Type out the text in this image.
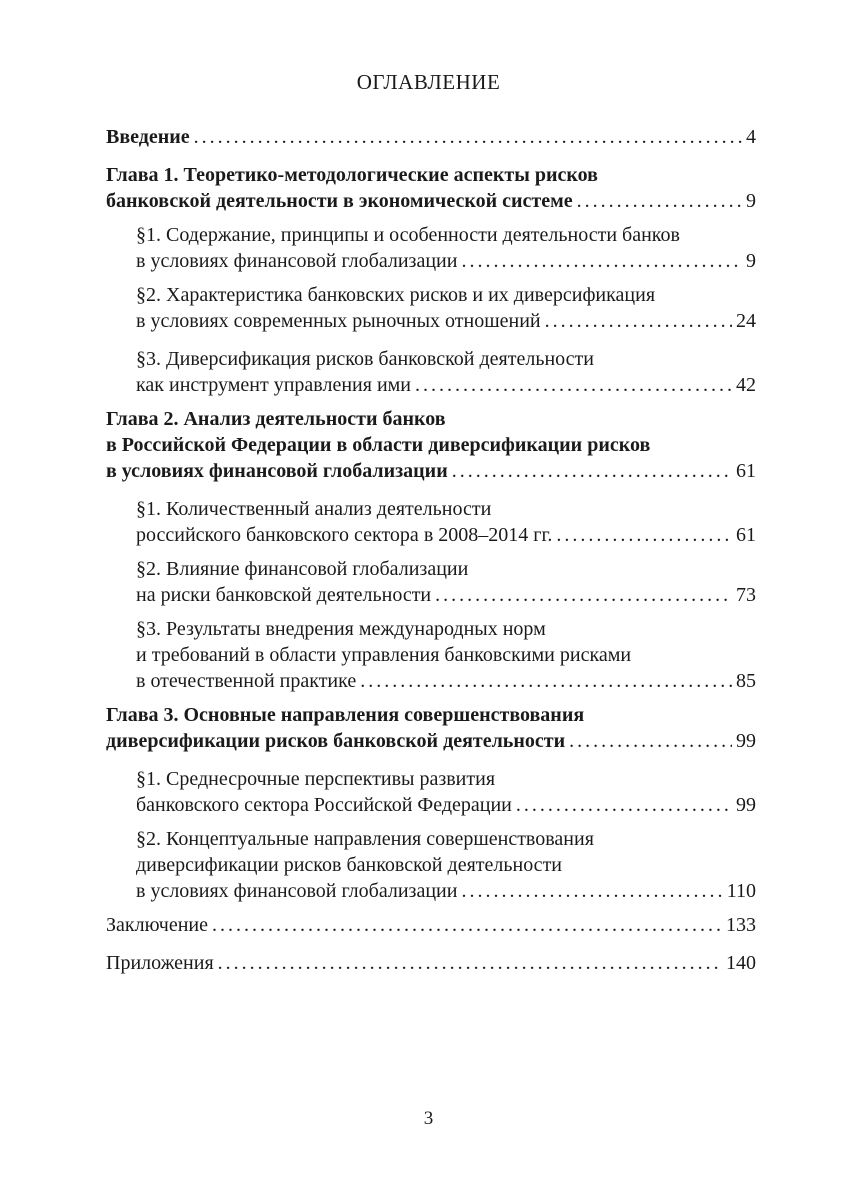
ОГЛАВЛЕНИЕ
Введение . . .	4
Глава 1. Теоретико-методологические аспекты рисков
банковской деятельности в экономической системе . . .	9
§1. Содержание, принципы и особенности деятельности банков
в условиях финансовой глобализации . . .	9
§2. Характеристика банковских рисков и их диверсификация
в условиях современных рыночных отношений . . .	24
§3. Диверсификация рисков банковской деятельности
как инструмент управления ими . . .	42
Глава 2. Анализ деятельности банков
в Российской Федерации в области диверсификации рисков
в условиях финансовой глобализации . . .	61
§1. Количественный анализ деятельности
российского банковского сектора в 2008–2014 гг. . . .	61
§2. Влияние финансовой глобализации
на риски банковской деятельности . . .	73
§3. Результаты внедрения международных норм
и требований в области управления банковскими рисками
в отечественной практике . . .	85
Глава 3. Основные направления совершенствования
диверсификации рисков банковской деятельности . . .	99
§1. Среднесрочные перспективы развития
банковского сектора Российской Федерации . . .	99
§2. Концептуальные направления совершенствования
диверсификации рисков банковской деятельности
в условиях финансовой глобализации . . .	110
Заключение . . .	133
Приложения . . .	140
3
